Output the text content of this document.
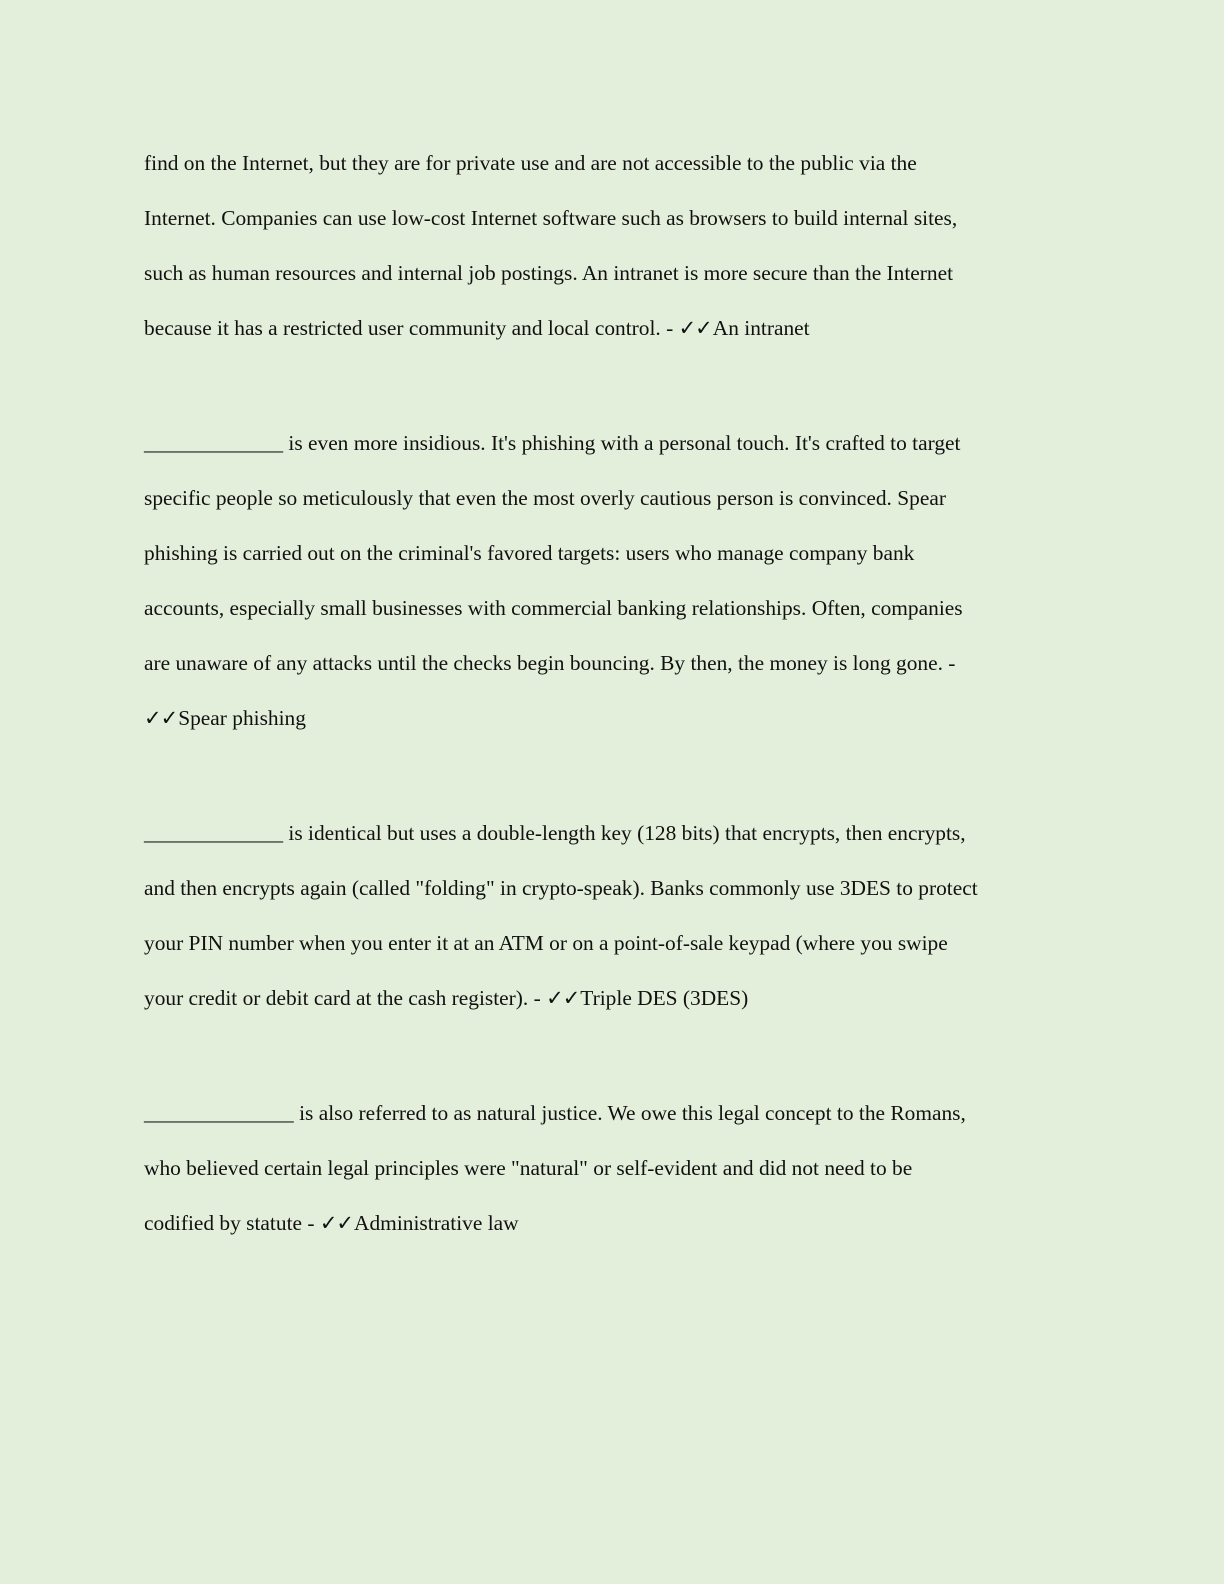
find on the Internet, but they are for private use and are not accessible to the public via the
Internet. Companies can use low-cost Internet software such as browsers to build internal sites,
such as human resources and internal job postings. An intranet is more secure than the Internet
because it has a restricted user community and local control. - ✓✓An intranet
_____________ is even more insidious. It's phishing with a personal touch. It's crafted to target
specific people so meticulously that even the most overly cautious person is convinced. Spear
phishing is carried out on the criminal's favored targets: users who manage company bank
accounts, especially small businesses with commercial banking relationships. Often, companies
are unaware of any attacks until the checks begin bouncing. By then, the money is long gone. -
✓✓Spear phishing
_____________ is identical but uses a double-length key (128 bits) that encrypts, then encrypts,
and then encrypts again (called "folding" in crypto-speak). Banks commonly use 3DES to protect
your PIN number when you enter it at an ATM or on a point-of-sale keypad (where you swipe
your credit or debit card at the cash register). - ✓✓Triple DES (3DES)
______________ is also referred to as natural justice. We owe this legal concept to the Romans,
who believed certain legal principles were "natural" or self-evident and did not need to be
codified by statute - ✓✓Administrative law
